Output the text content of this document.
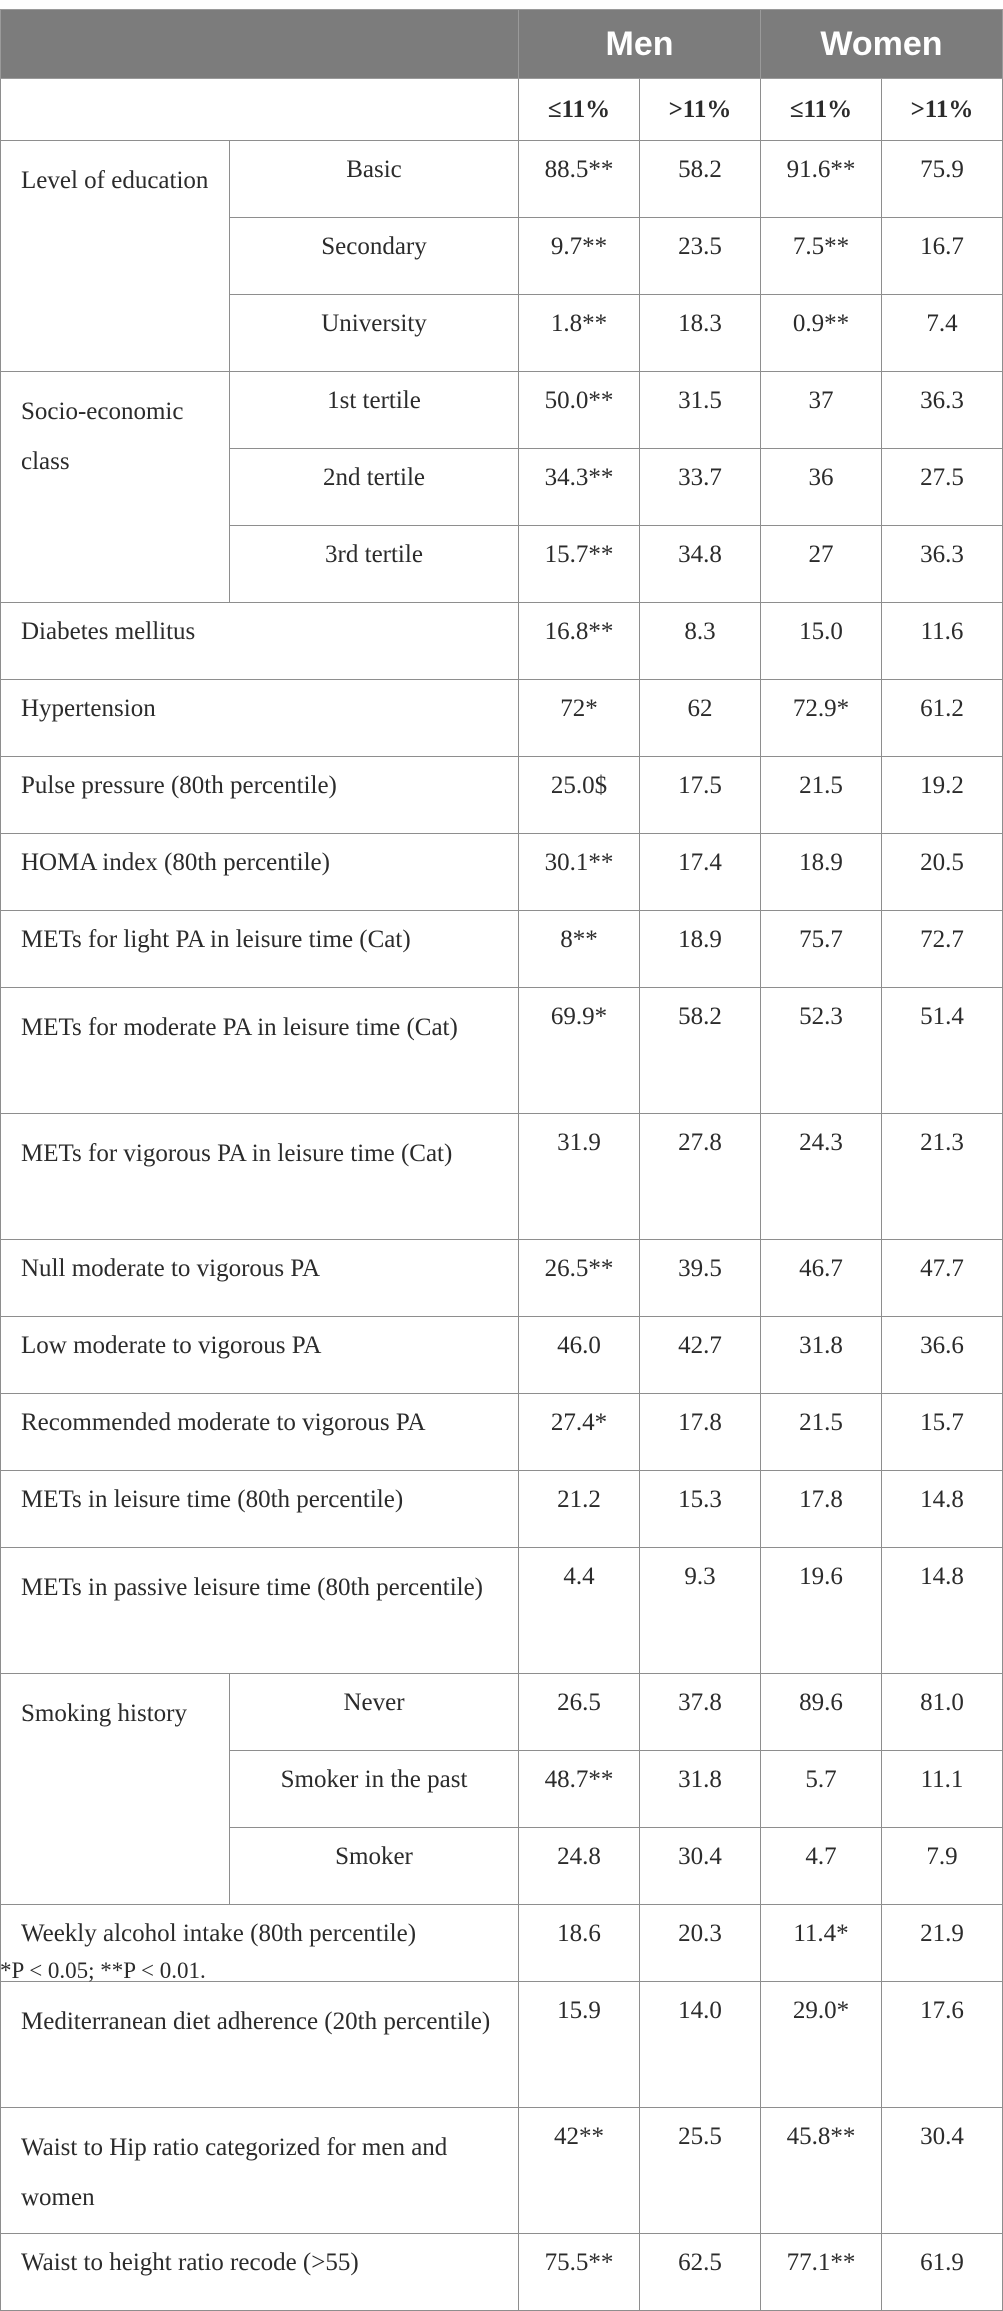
		Men		Women	
		≤11%	>11%	≤11%	>11%
Level of education	Basic	88.5**	58.2	91.6**	75.9
	Secondary	9.7**	23.5	7.5**	16.7
	University	1.8**	18.3	0.9**	7.4
Socio-economic class	1st tertile	50.0**	31.5	37	36.3
	2nd tertile	34.3**	33.7	36	27.5
	3rd tertile	15.7**	34.8	27	36.3
Diabetes mellitus		16.8**	8.3	15.0	11.6
Hypertension		72*	62	72.9*	61.2
Pulse pressure (80th percentile)		25.0$	17.5	21.5	19.2
HOMA index (80th percentile)		30.1**	17.4	18.9	20.5
METs for light PA in leisure time (Cat)		8**	18.9	75.7	72.7
METs for moderate PA in leisure time (Cat)		69.9*	58.2	52.3	51.4
METs for vigorous PA in leisure time (Cat)		31.9	27.8	24.3	21.3
Null moderate to vigorous PA		26.5**	39.5	46.7	47.7
Low moderate to vigorous PA		46.0	42.7	31.8	36.6
Recommended moderate to vigorous PA		27.4*	17.8	21.5	15.7
METs in leisure time (80th percentile)		21.2	15.3	17.8	14.8
METs in passive leisure time (80th percentile)		4.4	9.3	19.6	14.8
Smoking history	Never	26.5	37.8	89.6	81.0
	Smoker in the past	48.7**	31.8	5.7	11.1
	Smoker	24.8	30.4	4.7	7.9
Weekly alcohol intake (80th percentile)		18.6	20.3	11.4*	21.9
Mediterranean diet adherence (20th percentile)		15.9	14.0	29.0*	17.6
Waist to Hip ratio categorized for men and women		42**	25.5	45.8**	30.4
Waist to height ratio recode (>55)		75.5**	62.5	77.1**	61.9
*P < 0.05; **P < 0.01.
